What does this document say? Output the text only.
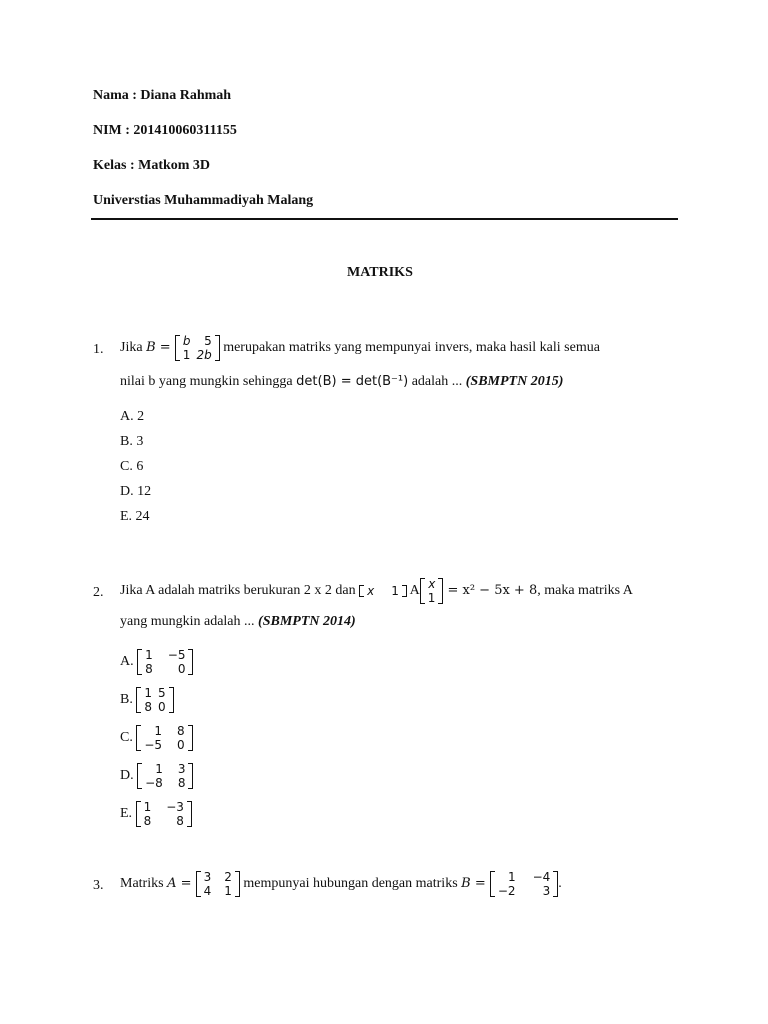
Nama : Diana Rahmah
NIM : 201410060311155
Kelas : Matkom 3D
Universtias Muhammadiyah Malang
MATRIKS
1. Jika B = b	5
1	2b merupakan matriks yang mempunyai invers, maka hasil kali semua
nilai b yang mungkin sehingga det(B) = det(B⁻¹) adalah ... (SBMPTN 2015)
A. 2
B. 3
C. 6
D. 12
E. 24
2. Jika A adalah matriks berukuran 2 x 2 dan x	1 A x
1 = x² − 5x + 8, maka matriks A
yang mungkin adalah ... (SBMPTN 2014)
A. 1	−5
8	0
B. 1	5
8	0
C. 1	8
−5	0
D. 1	3
−8	8
E. 1	−3
8	8
3. Matriks A = 3	2
4	1 mempunyai hubungan dengan matriks B = 1	−4
−2	3 .
